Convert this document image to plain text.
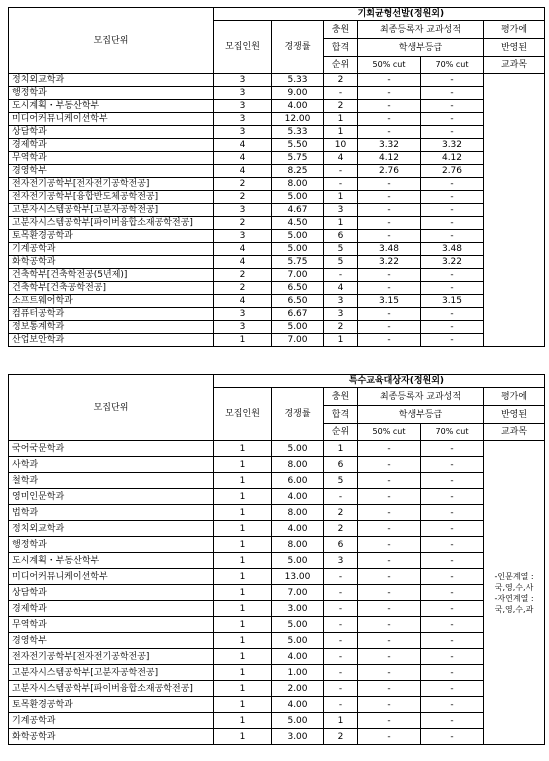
모집단위	기회균형선발(정원외)					
	모집인원	경쟁률	충원	최종등록자 교과성적		평가에
			합격	학생부등급		반영된
			순위	50% cut	70% cut	교과목
정치외교학과	3	5.33	2	-	-	
행정학과	3	9.00	-	-	-	
도시계획・부동산학부	3	4.00	2	-	-	
미디어커뮤니케이션학부	3	12.00	1	-	-	
상담학과	3	5.33	1	-	-	
경제학과	4	5.50	10	3.32	3.32	
무역학과	4	5.75	4	4.12	4.12	
경영학부	4	8.25	-	2.76	2.76	
전자전기공학부[전자전기공학전공]	2	8.00	-	-	-	
전자전기공학부[융합반도체공학전공]	2	5.00	1	-	-	
고분자시스템공학부[고분자공학전공]	3	4.67	3	-	-	
고분자시스템공학부[파이버융합소재공학전공]	2	4.50	1	-	-	
토목환경공학과	3	5.00	6	-	-	
기계공학과	4	5.00	5	3.48	3.48	
화학공학과	4	5.75	5	3.22	3.22	
건축학부[건축학전공(5년제)]	2	7.00	-	-	-	
건축학부[건축공학전공]	2	6.50	4	-	-	
소프트웨어학과	4	6.50	3	3.15	3.15	
컴퓨터공학과	3	6.67	3	-	-	
정보통계학과	3	5.00	2	-	-	
산업보안학과	1	7.00	1	-	-	
모집단위	특수교육대상자(정원외)					
	모집인원	경쟁률	충원	최종등록자 교과성적		평가에
			합격	학생부등급		반영된
			순위	50% cut	70% cut	교과목
국어국문학과	1	5.00	1	-	-	-인문계열 :
국,영,수,사
-자연계열 :
국,영,수,과

사학과	1	8.00	6	-	-	
철학과	1	6.00	5	-	-	
영미인문학과	1	4.00	-	-	-	
법학과	1	8.00	2	-	-	
정치외교학과	1	4.00	2	-	-	
행정학과	1	8.00	6	-	-	
도시계획・부동산학부	1	5.00	3	-	-	
미디어커뮤니케이션학부	1	13.00	-	-	-	
상담학과	1	7.00	-	-	-	
경제학과	1	3.00	-	-	-	
무역학과	1	5.00	-	-	-	
경영학부	1	5.00	-	-	-	
전자전기공학부[전자전기공학전공]	1	4.00	-	-	-	
고분자시스템공학부[고분자공학전공]	1	1.00	-	-	-	
고분자시스템공학부[파이버융합소재공학전공]	1	2.00	-	-	-	
토목환경공학과	1	4.00	-	-	-	
기계공학과	1	5.00	1	-	-	
화학공학과	1	3.00	2	-	-	
